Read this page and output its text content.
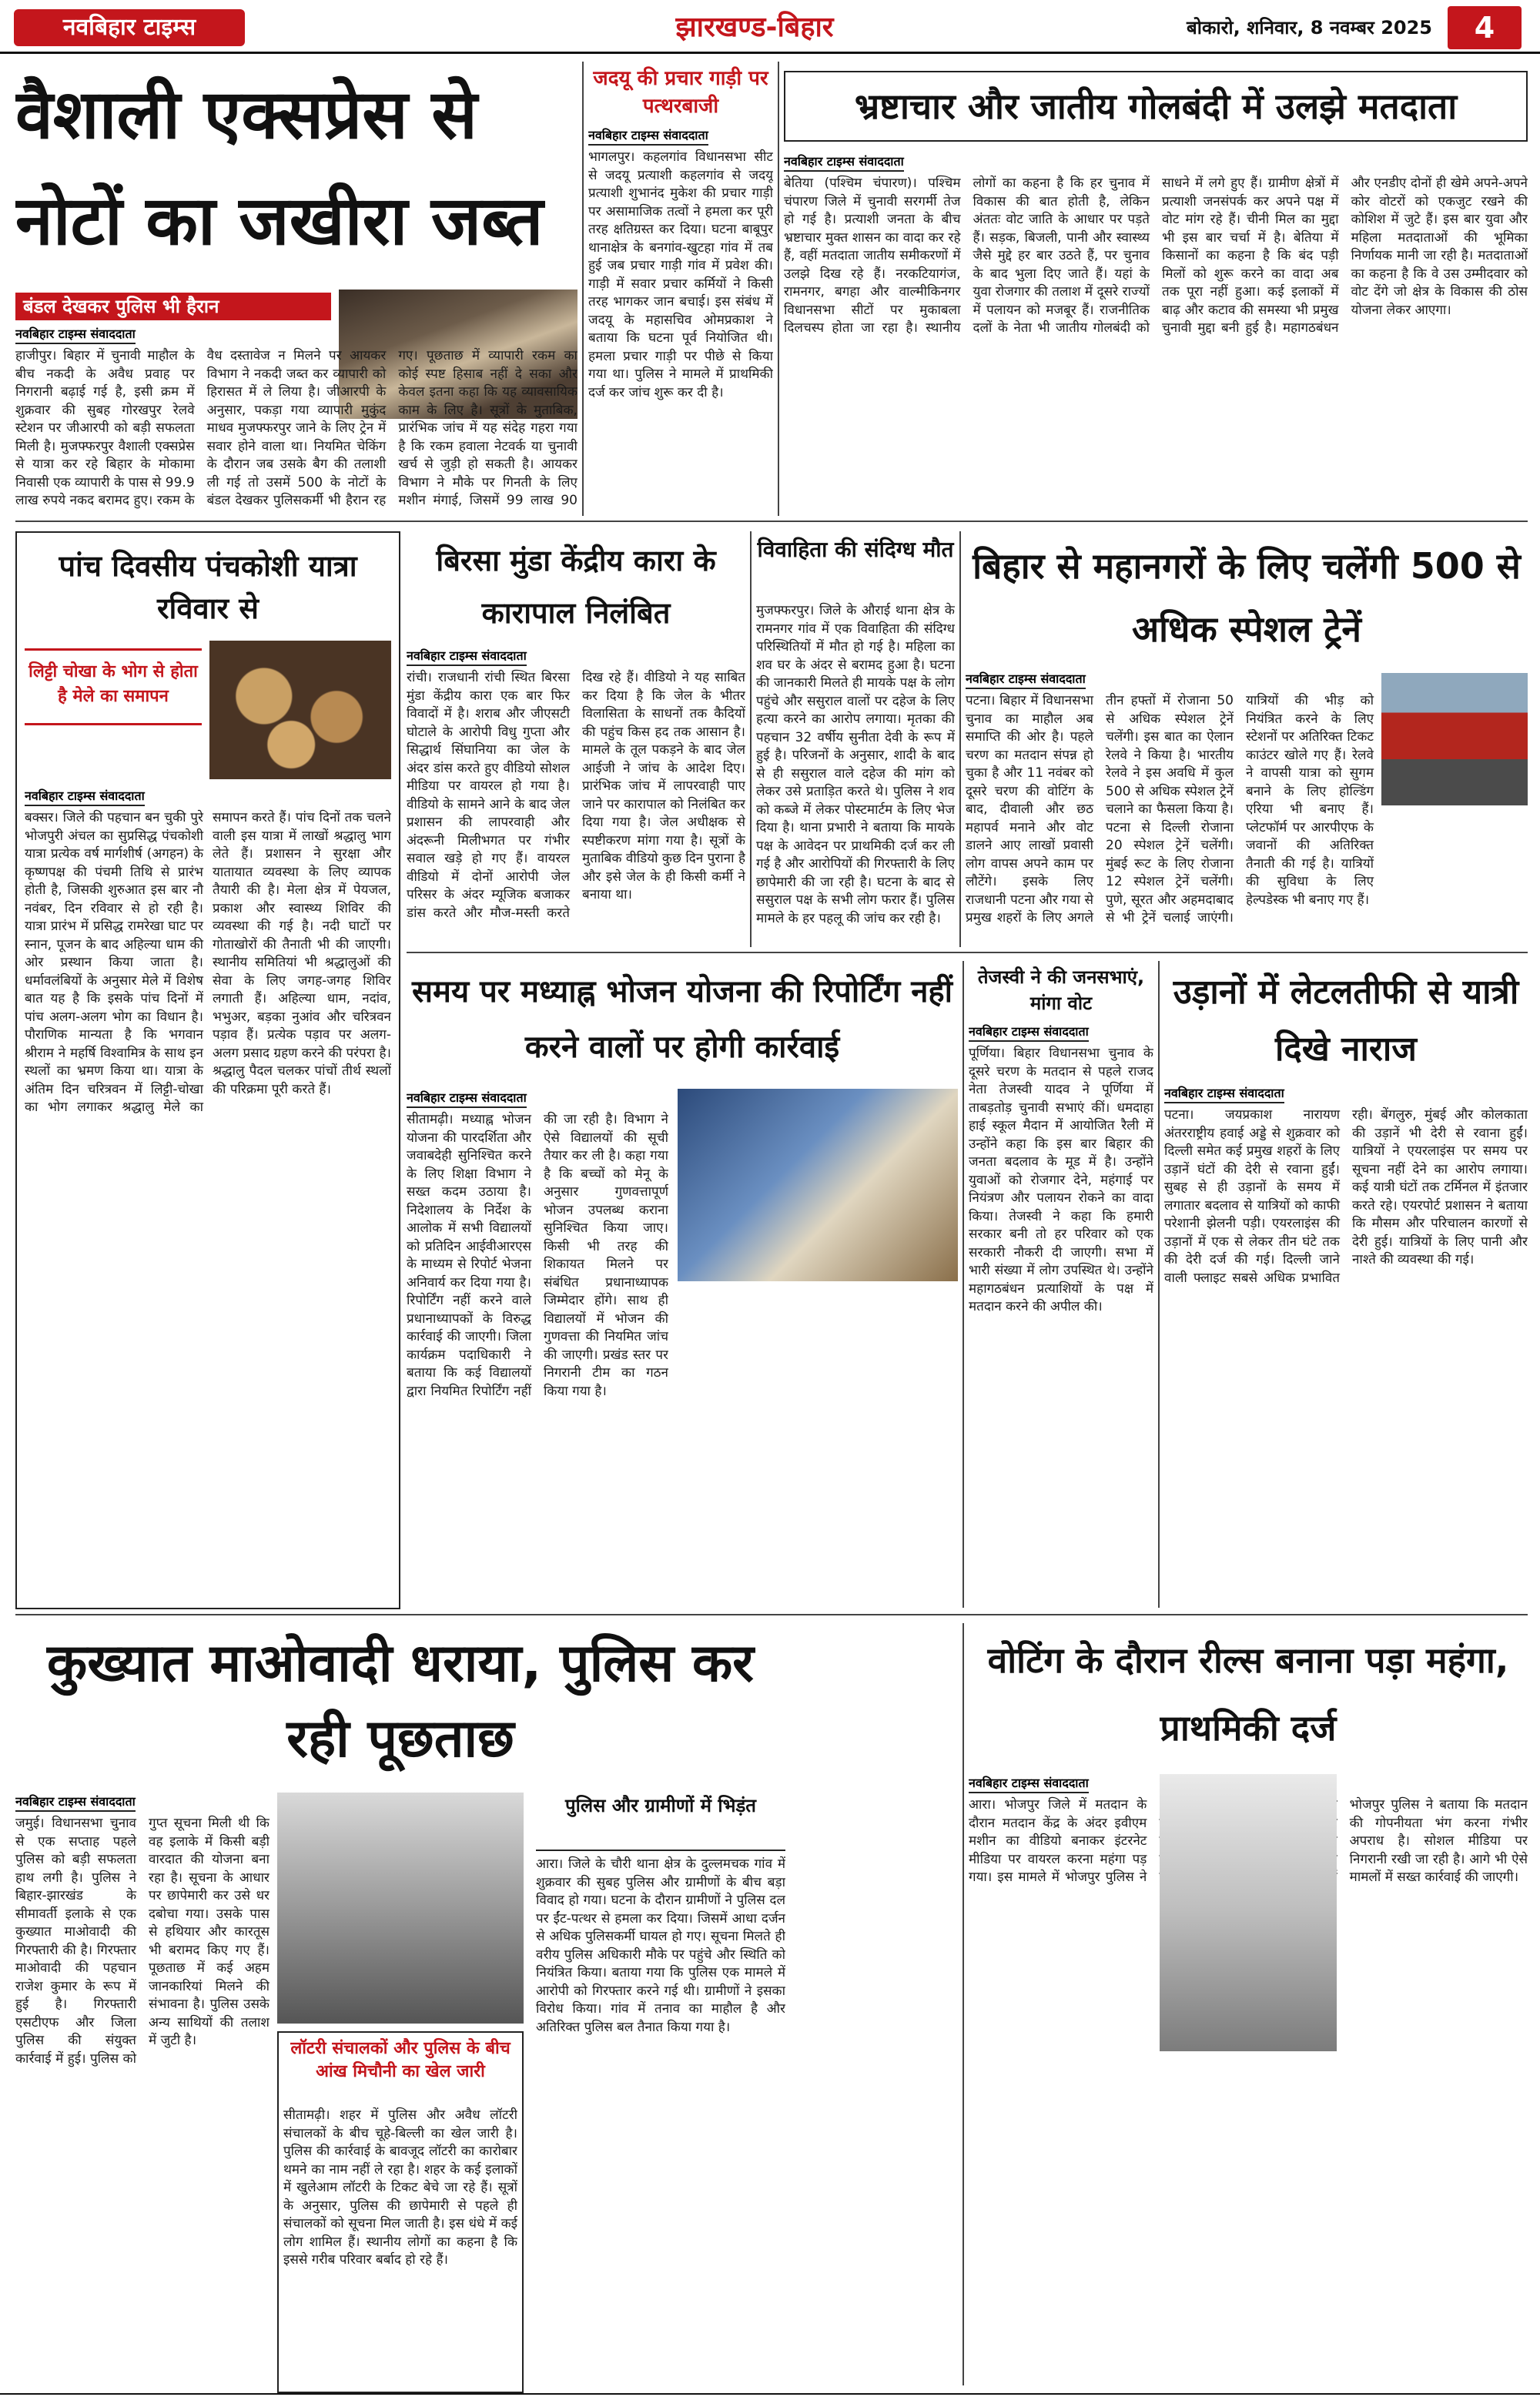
नवबिहार टाइम्स	झारखण्ड-बिहार	बोकारो, शनिवार, 8 नवम्बर 2025	4
वैशाली एक्सप्रेस से नोटों का जखीरा जब्त
बंडल देखकर पुलिस भी हैरान
नवबिहार टाइम्स संवाददाता
हाजीपुर। बिहार में चुनावी माहौल के बीच नकदी के अवैध प्रवाह पर निगरानी बढ़ाई गई है, इसी क्रम में शुक्रवार की सुबह गोरखपुर रेलवे स्टेशन पर जीआरपी को बड़ी सफलता मिली है। मुजफ्फरपुर वैशाली एक्सप्रेस से यात्रा कर रहे बिहार के मोकामा निवासी एक व्यापारी के पास से 99.9 लाख रुपये नकद बरामद हुए। रकम के वैध दस्तावेज न मिलने पर आयकर विभाग ने नकदी जब्त कर व्यापारी को हिरासत में ले लिया है। जीआरपी के अनुसार, पकड़ा गया व्यापारी मुकुंद माधव मुजफ्फरपुर जाने के लिए ट्रेन में सवार होने वाला था। नियमित चेकिंग के दौरान जब उसके बैग की तलाशी ली गई तो उसमें 500 के नोटों के बंडल देखकर पुलिसकर्मी भी हैरान रह गए। पूछताछ में व्यापारी रकम का कोई स्पष्ट हिसाब नहीं दे सका और केवल इतना कहा कि यह व्यावसायिक काम के लिए है। सूत्रों के मुताबिक, प्रारंभिक जांच में यह संदेह गहरा गया है कि रकम हवाला नेटवर्क या चुनावी खर्च से जुड़ी हो सकती है। आयकर विभाग ने मौके पर गिनती के लिए मशीन मंगाई, जिसमें 99 लाख 90
जदयू की प्रचार गाड़ी पर पत्थरबाजी
नवबिहार टाइम्स संवाददाता
भागलपुर। कहलगांव विधानसभा सीट से जदयू प्रत्याशी कहलगांव से जदयू प्रत्याशी शुभानंद मुकेश की प्रचार गाड़ी पर असामाजिक तत्वों ने हमला कर पूरी तरह क्षतिग्रस्त कर दिया। घटना बाबूपुर थानाक्षेत्र के बनगांव-खुटहा गांव में तब हुई जब प्रचार गाड़ी गांव में प्रवेश की। गाड़ी में सवार प्रचार कर्मियों ने किसी तरह भागकर जान बचाई। इस संबंध में जदयू के महासचिव ओमप्रकाश ने बताया कि घटना पूर्व नियोजित थी। हमला प्रचार गाड़ी पर पीछे से किया गया था। पुलिस ने मामले में प्राथमिकी दर्ज कर जांच शुरू कर दी है।
भ्रष्टाचार और जातीय गोलबंदी में उलझे मतदाता
नवबिहार टाइम्स संवाददाता
बेतिया (पश्चिम चंपारण)। पश्चिम चंपारण जिले में चुनावी सरगर्मी तेज हो गई है। प्रत्याशी जनता के बीच भ्रष्टाचार मुक्त शासन का वादा कर रहे हैं, वहीं मतदाता जातीय समीकरणों में उलझे दिख रहे हैं। नरकटियागंज, रामनगर, बगहा और वाल्मीकिनगर विधानसभा सीटों पर मुकाबला दिलचस्प होता जा रहा है। स्थानीय लोगों का कहना है कि हर चुनाव में विकास की बात होती है, लेकिन अंततः वोट जाति के आधार पर पड़ते हैं। सड़क, बिजली, पानी और स्वास्थ्य जैसे मुद्दे हर बार उठते हैं, पर चुनाव के बाद भुला दिए जाते हैं। यहां के युवा रोजगार की तलाश में दूसरे राज्यों में पलायन को मजबूर हैं। राजनीतिक दलों के नेता भी जातीय गोलबंदी को साधने में लगे हुए हैं। ग्रामीण क्षेत्रों में प्रत्याशी जनसंपर्क कर अपने पक्ष में वोट मांग रहे हैं। चीनी मिल का मुद्दा भी इस बार चर्चा में है। बेतिया में किसानों का कहना है कि बंद पड़ी मिलों को शुरू करने का वादा अब तक पूरा नहीं हुआ। कई इलाकों में बाढ़ और कटाव की समस्या भी प्रमुख चुनावी मुद्दा बनी हुई है। महागठबंधन और एनडीए दोनों ही खेमे अपने-अपने कोर वोटरों को एकजुट रखने की कोशिश में जुटे हैं। इस बार युवा और महिला मतदाताओं की भूमिका निर्णायक मानी जा रही है। मतदाताओं का कहना है कि वे उस उम्मीदवार को वोट देंगे जो क्षेत्र के विकास की ठोस योजना लेकर आएगा।
पांच दिवसीय पंचकोशी यात्रा रविवार से
लिट्टी चोखा के भोग से होता है मेले का समापन
नवबिहार टाइम्स संवाददाता
बक्सर। जिले की पहचान बन चुकी पुरे भोजपुरी अंचल का सुप्रसिद्ध पंचकोशी यात्रा प्रत्येक वर्ष मार्गशीर्ष (अगहन) के कृष्णपक्ष की पंचमी तिथि से प्रारंभ होती है, जिसकी शुरुआत इस बार नौ नवंबर, दिन रविवार से हो रही है। यात्रा प्रारंभ में प्रसिद्ध रामरेखा घाट पर स्नान, पूजन के बाद अहिल्या धाम की ओर प्रस्थान किया जाता है। धर्मावलंबियों के अनुसार मेले में विशेष बात यह है कि इसके पांच दिनों में पांच अलग-अलग भोग का विधान है। पौराणिक मान्यता है कि भगवान श्रीराम ने महर्षि विश्वामित्र के साथ इन स्थलों का भ्रमण किया था। यात्रा के अंतिम दिन चरित्रवन में लिट्टी-चोखा का भोग लगाकर श्रद्धालु मेले का समापन करते हैं। पांच दिनों तक चलने वाली इस यात्रा में लाखों श्रद्धालु भाग लेते हैं। प्रशासन ने सुरक्षा और यातायात व्यवस्था के लिए व्यापक तैयारी की है। मेला क्षेत्र में पेयजल, प्रकाश और स्वास्थ्य शिविर की व्यवस्था की गई है। नदी घाटों पर गोताखोरों की तैनाती भी की जाएगी। स्थानीय समितियां भी श्रद्धालुओं की सेवा के लिए जगह-जगह शिविर लगाती हैं। अहिल्या धाम, नदांव, भभुअर, बड़का नुआंव और चरित्रवन पड़ाव हैं। प्रत्येक पड़ाव पर अलग-अलग प्रसाद ग्रहण करने की परंपरा है। श्रद्धालु पैदल चलकर पांचों तीर्थ स्थलों की परिक्रमा पूरी करते हैं।
बिरसा मुंडा केंद्रीय कारा के कारापाल निलंबित
नवबिहार टाइम्स संवाददाता
रांची। राजधानी रांची स्थित बिरसा मुंडा केंद्रीय कारा एक बार फिर विवादों में है। शराब और जीएसटी घोटाले के आरोपी विधु गुप्ता और सिद्धार्थ सिंघानिया का जेल के अंदर डांस करते हुए वीडियो सोशल मीडिया पर वायरल हो गया है। वीडियो के सामने आने के बाद जेल प्रशासन की लापरवाही और अंदरूनी मिलीभगत पर गंभीर सवाल खड़े हो गए हैं। वायरल वीडियो में दोनों आरोपी जेल परिसर के अंदर म्यूजिक बजाकर डांस करते और मौज-मस्ती करते दिख रहे हैं। वीडियो ने यह साबित कर दिया है कि जेल के भीतर विलासिता के साधनों तक कैदियों की पहुंच किस हद तक आसान है। मामले के तूल पकड़ने के बाद जेल आईजी ने जांच के आदेश दिए। प्रारंभिक जांच में लापरवाही पाए जाने पर कारापाल को निलंबित कर दिया गया है। जेल अधीक्षक से स्पष्टीकरण मांगा गया है। सूत्रों के मुताबिक वीडियो कुछ दिन पुराना है और इसे जेल के ही किसी कर्मी ने बनाया था।
विवाहिता की संदिग्ध मौत
मुजफ्फरपुर। जिले के औराई थाना क्षेत्र के रामनगर गांव में एक विवाहिता की संदिग्ध परिस्थितियों में मौत हो गई है। महिला का शव घर के अंदर से बरामद हुआ है। घटना की जानकारी मिलते ही मायके पक्ष के लोग पहुंचे और ससुराल वालों पर दहेज के लिए हत्या करने का आरोप लगाया। मृतका की पहचान 32 वर्षीय सुनीता देवी के रूप में हुई है। परिजनों के अनुसार, शादी के बाद से ही ससुराल वाले दहेज की मांग को लेकर उसे प्रताड़ित करते थे। पुलिस ने शव को कब्जे में लेकर पोस्टमार्टम के लिए भेज दिया है। थाना प्रभारी ने बताया कि मायके पक्ष के आवेदन पर प्राथमिकी दर्ज कर ली गई है और आरोपियों की गिरफ्तारी के लिए छापेमारी की जा रही है। घटना के बाद से ससुराल पक्ष के सभी लोग फरार हैं। पुलिस मामले के हर पहलू की जांच कर रही है।
बिहार से महानगरों के लिए चलेंगी 500 से अधिक स्पेशल ट्रेनें
नवबिहार टाइम्स संवाददाता
पटना। बिहार में विधानसभा चुनाव का माहौल अब समाप्ति की ओर है। पहले चरण का मतदान संपन्न हो चुका है और 11 नवंबर को दूसरे चरण की वोटिंग के बाद, दीवाली और छठ महापर्व मनाने और वोट डालने आए लाखों प्रवासी लोग वापस अपने काम पर लौटेंगे। इसके लिए राजधानी पटना और गया से प्रमुख शहरों के लिए अगले तीन हफ्तों में रोजाना 50 से अधिक स्पेशल ट्रेनें चलेंगी। इस बात का ऐलान रेलवे ने किया है। भारतीय रेलवे ने इस अवधि में कुल 500 से अधिक स्पेशल ट्रेनें चलाने का फैसला किया है। पटना से दिल्ली रोजाना 20 स्पेशल ट्रेनें चलेंगी। मुंबई रूट के लिए रोजाना 12 स्पेशल ट्रेनें चलेंगी। पुणे, सूरत और अहमदाबाद से भी ट्रेनें चलाई जाएंगी। यात्रियों की भीड़ को नियंत्रित करने के लिए स्टेशनों पर अतिरिक्त टिकट काउंटर खोले गए हैं। रेलवे ने वापसी यात्रा को सुगम बनाने के लिए होल्डिंग एरिया भी बनाए हैं। प्लेटफॉर्म पर आरपीएफ के जवानों की अतिरिक्त तैनाती की गई है। यात्रियों की सुविधा के लिए हेल्पडेस्क भी बनाए गए हैं।
समय पर मध्याह्न भोजन योजना की रिपोर्टिंग नहीं करने वालों पर होगी कार्रवाई
नवबिहार टाइम्स संवाददाता
सीतामढ़ी। मध्याह्न भोजन योजना की पारदर्शिता और जवाबदेही सुनिश्चित करने के लिए शिक्षा विभाग ने सख्त कदम उठाया है। निदेशालय के निर्देश के आलोक में सभी विद्यालयों को प्रतिदिन आईवीआरएस के माध्यम से रिपोर्ट भेजना अनिवार्य कर दिया गया है। रिपोर्टिंग नहीं करने वाले प्रधानाध्यापकों के विरुद्ध कार्रवाई की जाएगी। जिला कार्यक्रम पदाधिकारी ने बताया कि कई विद्यालयों द्वारा नियमित रिपोर्टिंग नहीं की जा रही है। विभाग ने ऐसे विद्यालयों की सूची तैयार कर ली है। कहा गया है कि बच्चों को मेनू के अनुसार गुणवत्तापूर्ण भोजन उपलब्ध कराना सुनिश्चित किया जाए। किसी भी तरह की शिकायत मिलने पर संबंधित प्रधानाध्यापक जिम्मेदार होंगे। साथ ही विद्यालयों में भोजन की गुणवत्ता की नियमित जांच की जाएगी। प्रखंड स्तर पर निगरानी टीम का गठन किया गया है।
तेजस्वी ने की जनसभाएं, मांगा वोट
नवबिहार टाइम्स संवाददाता
पूर्णिया। बिहार विधानसभा चुनाव के दूसरे चरण के मतदान से पहले राजद नेता तेजस्वी यादव ने पूर्णिया में ताबड़तोड़ चुनावी सभाएं कीं। धमदाहा हाई स्कूल मैदान में आयोजित रैली में उन्होंने कहा कि इस बार बिहार की जनता बदलाव के मूड में है। उन्होंने युवाओं को रोजगार देने, महंगाई पर नियंत्रण और पलायन रोकने का वादा किया। तेजस्वी ने कहा कि हमारी सरकार बनी तो हर परिवार को एक सरकारी नौकरी दी जाएगी। सभा में भारी संख्या में लोग उपस्थित थे। उन्होंने महागठबंधन प्रत्याशियों के पक्ष में मतदान करने की अपील की।
उड़ानों में लेटलतीफी से यात्री दिखे नाराज
नवबिहार टाइम्स संवाददाता
पटना। जयप्रकाश नारायण अंतरराष्ट्रीय हवाई अड्डे से शुक्रवार को दिल्ली समेत कई प्रमुख शहरों के लिए उड़ानें घंटों की देरी से रवाना हुईं। सुबह से ही उड़ानों के समय में लगातार बदलाव से यात्रियों को काफी परेशानी झेलनी पड़ी। एयरलाइंस की उड़ानों में एक से लेकर तीन घंटे तक की देरी दर्ज की गई। दिल्ली जाने वाली फ्लाइट सबसे अधिक प्रभावित रही। बेंगलुरु, मुंबई और कोलकाता की उड़ानें भी देरी से रवाना हुईं। यात्रियों ने एयरलाइंस पर समय पर सूचना नहीं देने का आरोप लगाया। कई यात्री घंटों तक टर्मिनल में इंतजार करते रहे। एयरपोर्ट प्रशासन ने बताया कि मौसम और परिचालन कारणों से देरी हुई। यात्रियों के लिए पानी और नाश्ते की व्यवस्था की गई।
कुख्यात माओवादी धराया, पुलिस कर रही पूछताछ
नवबिहार टाइम्स संवाददाता
जमुई। विधानसभा चुनाव से एक सप्ताह पहले पुलिस को बड़ी सफलता हाथ लगी है। पुलिस ने बिहार-झारखंड के सीमावर्ती इलाके से एक कुख्यात माओवादी की गिरफ्तारी की है। गिरफ्तार माओवादी की पहचान राजेश कुमार के रूप में हुई है। गिरफ्तारी एसटीएफ और जिला पुलिस की संयुक्त कार्रवाई में हुई। पुलिस को गुप्त सूचना मिली थी कि वह इलाके में किसी बड़ी वारदात की योजना बना रहा है। सूचना के आधार पर छापेमारी कर उसे धर दबोचा गया। उसके पास से हथियार और कारतूस भी बरामद किए गए हैं। पूछताछ में कई अहम जानकारियां मिलने की संभावना है। पुलिस उसके अन्य साथियों की तलाश में जुटी है।	लॉटरी संचालकों और पुलिस के बीच आंख मिचौनी का खेल जारी
सीतामढ़ी। शहर में पुलिस और अवैध लॉटरी संचालकों के बीच चूहे-बिल्ली का खेल जारी है। पुलिस की कार्रवाई के बावजूद लॉटरी का कारोबार थमने का नाम नहीं ले रहा है। शहर के कई इलाकों में खुलेआम लॉटरी के टिकट बेचे जा रहे हैं। सूत्रों के अनुसार, पुलिस की छापेमारी से पहले ही संचालकों को सूचना मिल जाती है। इस धंधे में कई लोग शामिल हैं। स्थानीय लोगों का कहना है कि इससे गरीब परिवार बर्बाद हो रहे हैं।
पुलिस और ग्रामीणों में भिड़ंत
आरा। जिले के चौरी थाना क्षेत्र के दुल्लमचक गांव में शुक्रवार की सुबह पुलिस और ग्रामीणों के बीच बड़ा विवाद हो गया। घटना के दौरान ग्रामीणों ने पुलिस दल पर ईंट-पत्थर से हमला कर दिया। जिसमें आधा दर्जन से अधिक पुलिसकर्मी घायल हो गए। सूचना मिलते ही वरीय पुलिस अधिकारी मौके पर पहुंचे और स्थिति को नियंत्रित किया। बताया गया कि पुलिस एक मामले में आरोपी को गिरफ्तार करने गई थी। ग्रामीणों ने इसका विरोध किया। गांव में तनाव का माहौल है और अतिरिक्त पुलिस बल तैनात किया गया है।
वोटिंग के दौरान रील्स बनाना पड़ा महंगा, प्राथमिकी दर्ज
नवबिहार टाइम्स संवाददाता
आरा। भोजपुर जिले में मतदान के दौरान मतदान केंद्र के अंदर इवीएम मशीन का वीडियो बनाकर इंटरनेट मीडिया पर वायरल करना महंगा पड़ गया। इस मामले में भोजपुर पुलिस ने भोजपुर पुलिस ने बताया कि मतदान की गोपनीयता भंग करना गंभीर अपराध है। सोशल मीडिया पर निगरानी रखी जा रही है। आगे भी ऐसे मामलों में सख्त कार्रवाई की जाएगी।
